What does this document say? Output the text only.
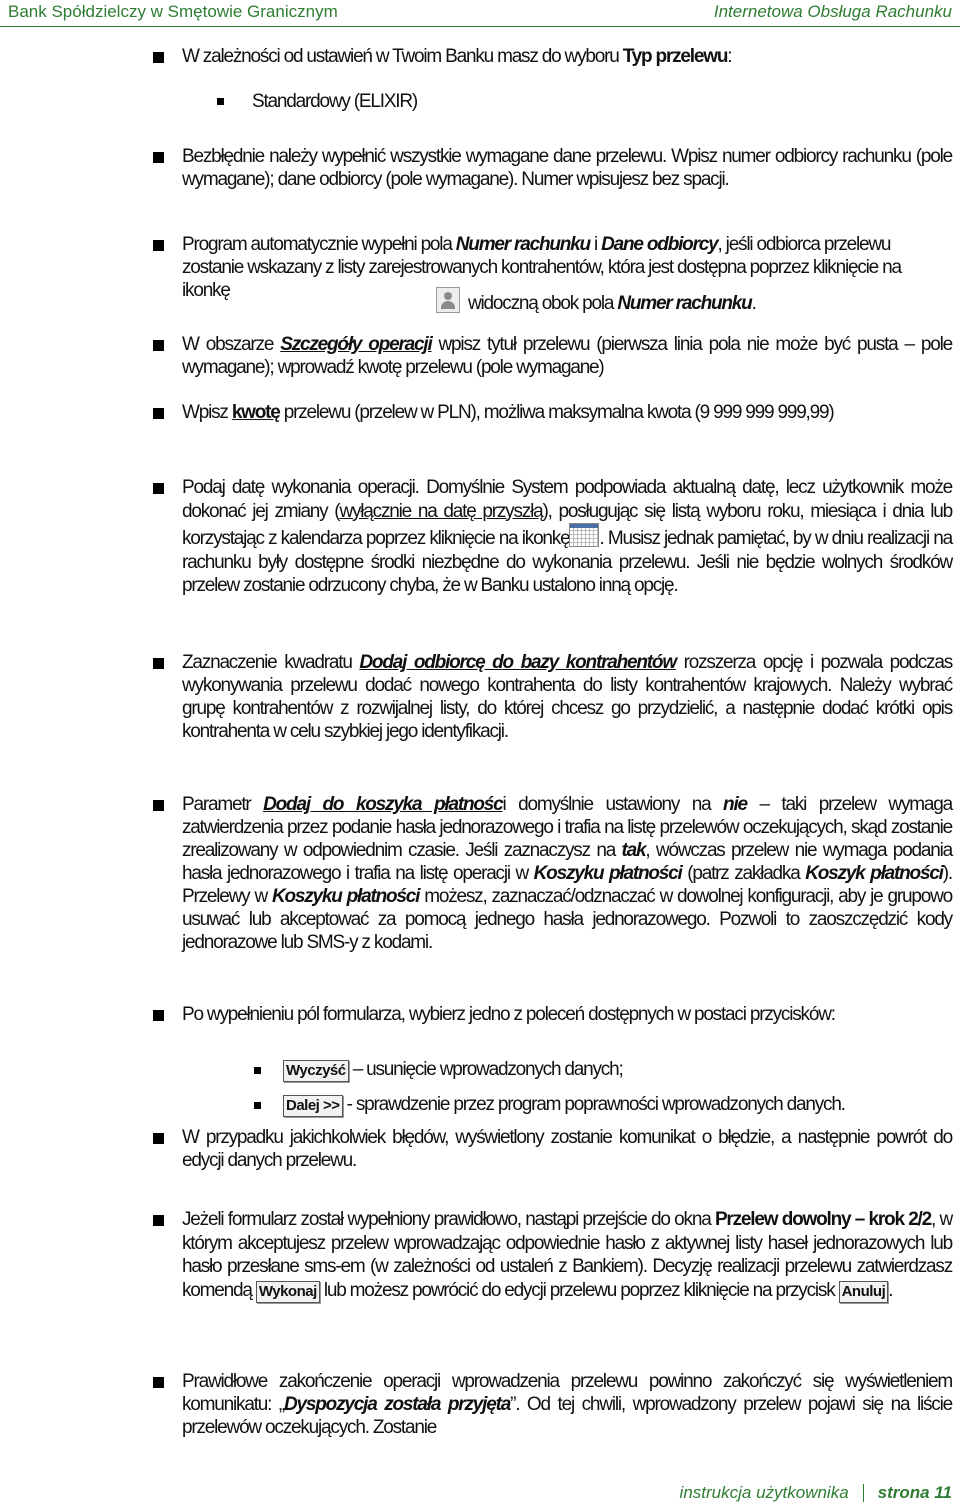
Bank Spółdzielczy w Smętowie Granicznym	Internetowa Obsługa Rachunku
W zależności od ustawień w Twoim Banku masz do wyboru Typ przelewu:
Standardowy (ELIXIR)
Bezbłędnie należy wypełnić wszystkie wymagane dane przelewu. Wpisz numer odbiorcy rachunku (pole wymagane); dane odbiorcy (pole wymagane). Numer wpisujesz bez spacji.
Program automatycznie wypełni pola Numer rachunku i Dane odbiorcy, jeśli odbiorca przelewu zostanie wskazany z listy zarejestrowanych kontrahentów, która jest dostępna poprzez kliknięcie na ikonkę
widoczną obok pola Numer rachunku.
W obszarze Szczegóły operacji wpisz tytuł przelewu (pierwsza linia pola nie może być pusta – pole wymagane); wprowadź kwotę przelewu (pole wymagane)
Wpisz kwotę przelewu (przelew w PLN), możliwa maksymalna kwota (9 999 999 999,99)
Podaj datę wykonania operacji. Domyślnie System podpowiada aktualną datę, lecz użytkownik może dokonać jej zmiany (wyłącznie na datę przyszłą), posługując się listą wyboru roku, miesiąca i dnia lub korzystając z kalendarza poprzez kliknięcie na ikonkę . Musisz jednak pamiętać, by w dniu realizacji na rachunku były dostępne środki niezbędne do wykonania przelewu. Jeśli nie będzie wolnych środków przelew zostanie odrzucony chyba, że w Banku ustalono inną opcję.
Zaznaczenie kwadratu Dodaj odbiorcę do bazy kontrahentów rozszerza opcję i pozwala podczas wykonywania przelewu dodać nowego kontrahenta do listy kontrahentów krajowych. Należy wybrać grupę kontrahentów z rozwijalnej listy, do której chcesz go przydzielić, a następnie dodać krótki opis kontrahenta w celu szybkiej jego identyfikacji.
Parametr Dodaj do koszyka płatności domyślnie ustawiony na nie – taki przelew wymaga zatwierdzenia przez podanie hasła jednorazowego i trafia na listę przelewów oczekujących, skąd zostanie zrealizowany w odpowiednim czasie. Jeśli zaznaczysz na tak, wówczas przelew nie wymaga podania hasła jednorazowego i trafia na listę operacji w Koszyku płatności (patrz zakładka Koszyk płatności). Przelewy w Koszyku płatności możesz, zaznaczać/odznaczać w dowolnej konfiguracji, aby je grupowo usuwać lub akceptować za pomocą jednego hasła jednorazowego. Pozwoli to zaoszczędzić kody jednorazowe lub SMS-y z kodami.
Po wypełnieniu pól formularza, wybierz jedno z poleceń dostępnych w postaci przycisków:
Wyczyść – usunięcie wprowadzonych danych;
Dalej >> - sprawdzenie przez program poprawności wprowadzonych danych.
W przypadku jakichkolwiek błędów, wyświetlony zostanie komunikat o błędzie, a następnie powrót do edycji danych przelewu.
Jeżeli formularz został wypełniony prawidłowo, nastąpi przejście do okna Przelew dowolny – krok 2/2, w którym akceptujesz przelew wprowadzając odpowiednie hasło z aktywnej listy haseł jednorazowych lub hasło przesłane sms-em (w zależności od ustaleń z Bankiem). Decyzję realizacji przelewu zatwierdzasz komendą Wykonaj lub możesz powrócić do edycji przelewu poprzez kliknięcie na przycisk Anuluj .
Prawidłowe zakończenie operacji wprowadzenia przelewu powinno zakończyć się wyświetleniem komunikatu: „Dyspozycja została przyjęta”. Od tej chwili, wprowadzony przelew pojawi się na liście przelewów oczekujących. Zostanie
instrukcja użytkownika strona 11
